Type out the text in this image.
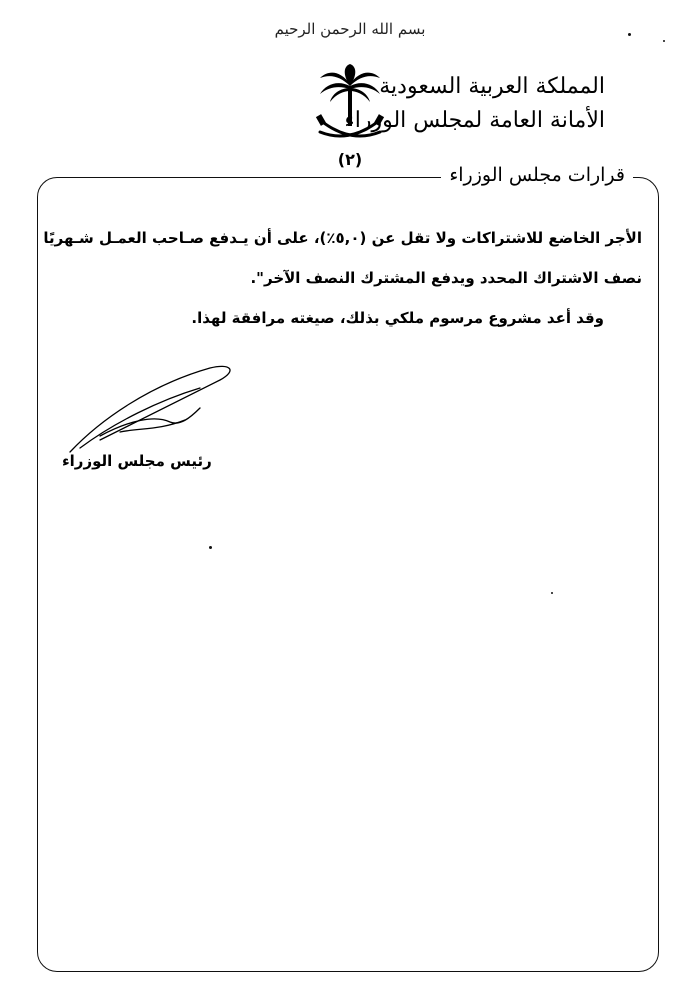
بسم الله الرحمن الرحيم
(٢)
المملكة العربية السعودية
الأمانة العامة لمجلس الوزراء
قرارات مجلس الوزراء

الأجر الخاضع للاشتراكات ولا تقل عن (٥,٠٪)، على أن يـدفع صـاحب العمـل شـهريًا

نصف الاشتراك المحدد ويدفع المشترك النصف الآخر".

وقد أعد مشروع مرسوم ملكي بذلك، صيغته مرافقة لهذا.

رئيس مجلس الوزراء
